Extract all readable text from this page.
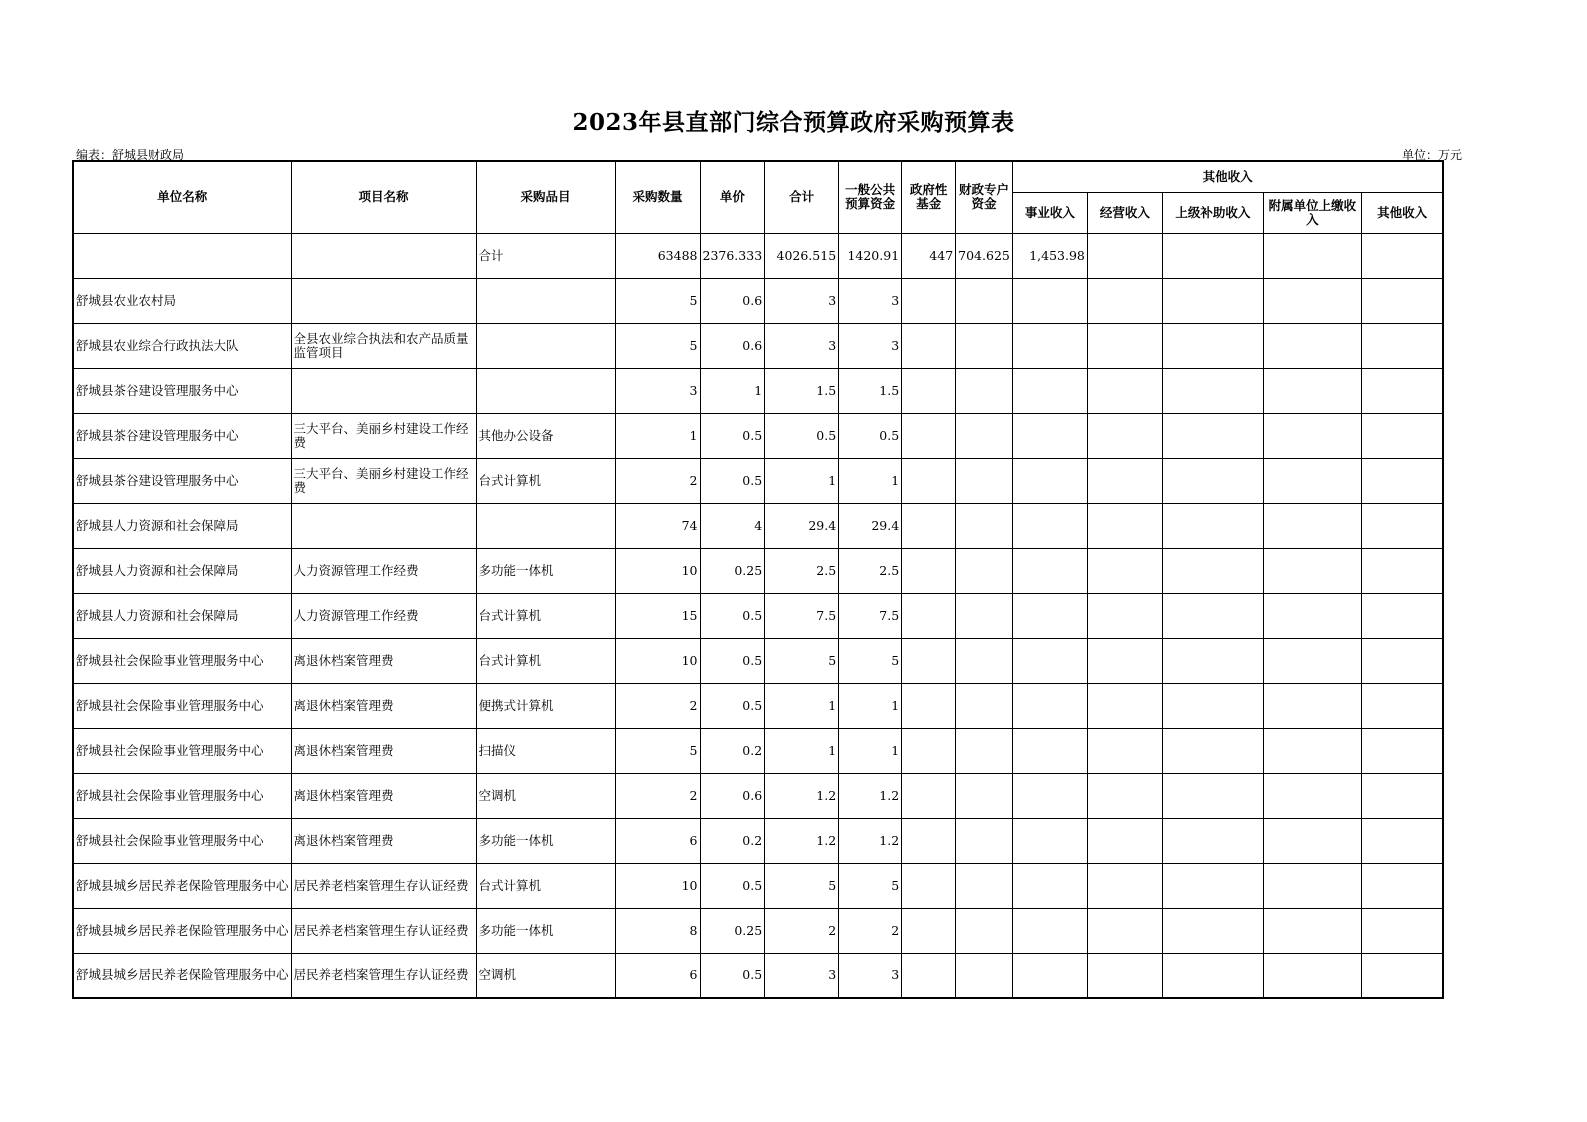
2023年县直部门综合预算政府采购预算表
编表：舒城县财政局	单位：万元
单位名称	项目名称	采购品目	采购数量	单价	合计	一般公共预算资金	政府性基金	财政专户资金	其他收入				
									事业收入	经营收入	上级补助收入	附属单位上缴收入	其他收入
		合计	63488	2376.333	4026.515	1420.91	447	704.625	1,453.98				
舒城县农业农村局			5	0.6	3	3							
舒城县农业综合行政执法大队	全县农业综合执法和农产品质量监管项目		5	0.6	3	3							
舒城县茶谷建设管理服务中心			3	1	1.5	1.5							
舒城县茶谷建设管理服务中心	三大平台、美丽乡村建设工作经费	其他办公设备	1	0.5	0.5	0.5							
舒城县茶谷建设管理服务中心	三大平台、美丽乡村建设工作经费	台式计算机	2	0.5	1	1							
舒城县人力资源和社会保障局			74	4	29.4	29.4							
舒城县人力资源和社会保障局	人力资源管理工作经费	多功能一体机	10	0.25	2.5	2.5							
舒城县人力资源和社会保障局	人力资源管理工作经费	台式计算机	15	0.5	7.5	7.5							
舒城县社会保险事业管理服务中心	离退休档案管理费	台式计算机	10	0.5	5	5							
舒城县社会保险事业管理服务中心	离退休档案管理费	便携式计算机	2	0.5	1	1							
舒城县社会保险事业管理服务中心	离退休档案管理费	扫描仪	5	0.2	1	1							
舒城县社会保险事业管理服务中心	离退休档案管理费	空调机	2	0.6	1.2	1.2							
舒城县社会保险事业管理服务中心	离退休档案管理费	多功能一体机	6	0.2	1.2	1.2							
舒城县城乡居民养老保险管理服务中心	居民养老档案管理生存认证经费	台式计算机	10	0.5	5	5							
舒城县城乡居民养老保险管理服务中心	居民养老档案管理生存认证经费	多功能一体机	8	0.25	2	2							
舒城县城乡居民养老保险管理服务中心	居民养老档案管理生存认证经费	空调机	6	0.5	3	3							
